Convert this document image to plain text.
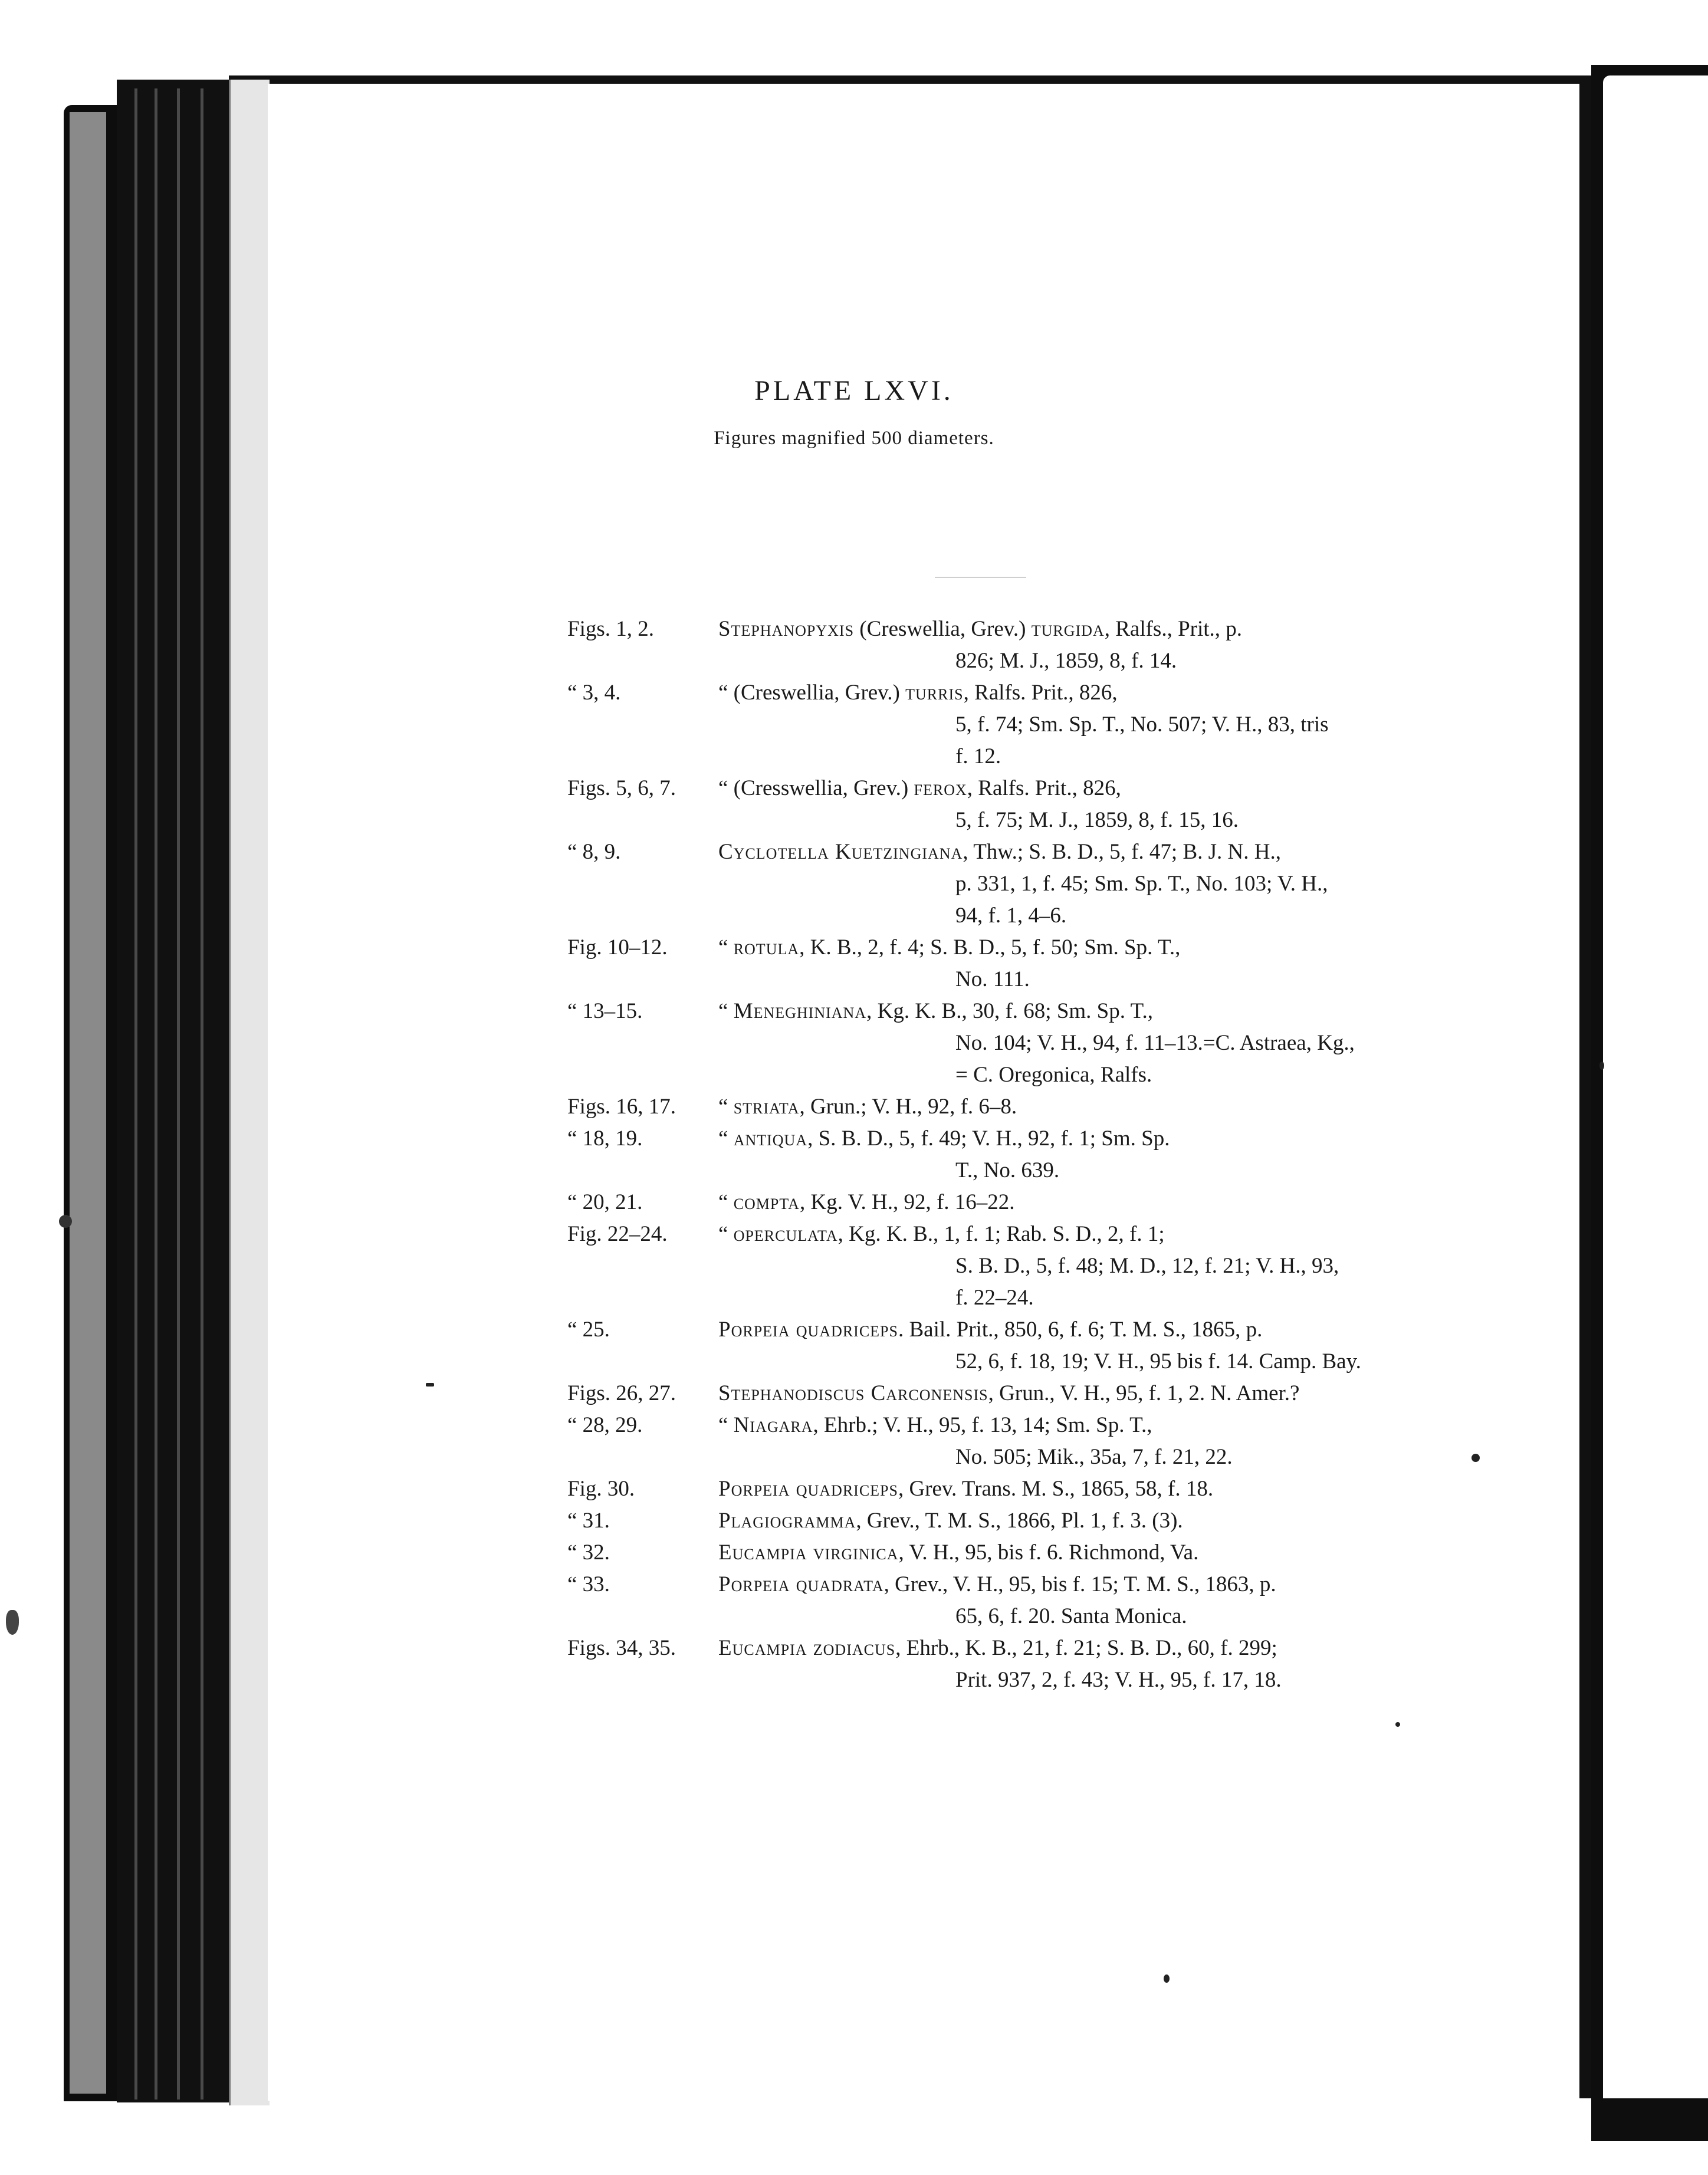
PLATE LXVI.

Figures magnified 500 diameters.

Figs. 1, 2.	Stephanopyxis (Creswellia, Grev.) turgida, Ralfs., Prit., p.
826; M. J., 1859, 8, f. 14.
“ 3, 4.	“ (Creswellia, Grev.) turris, Ralfs. Prit., 826,
5, f. 74; Sm. Sp. T., No. 507; V. H., 83, tris
f. 12.
Figs. 5, 6, 7.	“ (Cresswellia, Grev.) ferox, Ralfs. Prit., 826,
5, f. 75; M. J., 1859, 8, f. 15, 16.
“ 8, 9.	Cyclotella Kuetzingiana, Thw.; S. B. D., 5, f. 47; B. J. N. H.,
p. 331, 1, f. 45; Sm. Sp. T., No. 103; V. H.,
94, f. 1, 4–6.
Fig. 10–12.	“ rotula, K. B., 2, f. 4; S. B. D., 5, f. 50; Sm. Sp. T.,
No. 111.
“ 13–15.	“ Meneghiniana, Kg. K. B., 30, f. 68; Sm. Sp. T.,
No. 104; V. H., 94, f. 11–13.=C. Astraea, Kg.,
= C. Oregonica, Ralfs.
Figs. 16, 17.	“ striata, Grun.; V. H., 92, f. 6–8.
“ 18, 19.	“ antiqua, S. B. D., 5, f. 49; V. H., 92, f. 1; Sm. Sp.
T., No. 639.
“ 20, 21.	“ compta, Kg. V. H., 92, f. 16–22.
Fig. 22–24.	“ operculata, Kg. K. B., 1, f. 1; Rab. S. D., 2, f. 1;
S. B. D., 5, f. 48; M. D., 12, f. 21; V. H., 93,
f. 22–24.
“ 25.	Porpeia quadriceps. Bail. Prit., 850, 6, f. 6; T. M. S., 1865, p.
52, 6, f. 18, 19; V. H., 95 bis f. 14. Camp. Bay.
Figs. 26, 27.	Stephanodiscus Carconensis, Grun., V. H., 95, f. 1, 2. N. Amer.?
“ 28, 29.	“ Niagara, Ehrb.; V. H., 95, f. 13, 14; Sm. Sp. T.,
No. 505; Mik., 35a, 7, f. 21, 22.
Fig. 30.	Porpeia quadriceps, Grev. Trans. M. S., 1865, 58, f. 18.
“ 31.	Plagiogramma, Grev., T. M. S., 1866, Pl. 1, f. 3. (3).
“ 32.	Eucampia virginica, V. H., 95, bis f. 6. Richmond, Va.
“ 33.	Porpeia quadrata, Grev., V. H., 95, bis f. 15; T. M. S., 1863, p.
65, 6, f. 20. Santa Monica.
Figs. 34, 35.	Eucampia zodiacus, Ehrb., K. B., 21, f. 21; S. B. D., 60, f. 299;
Prit. 937, 2, f. 43; V. H., 95, f. 17, 18.
